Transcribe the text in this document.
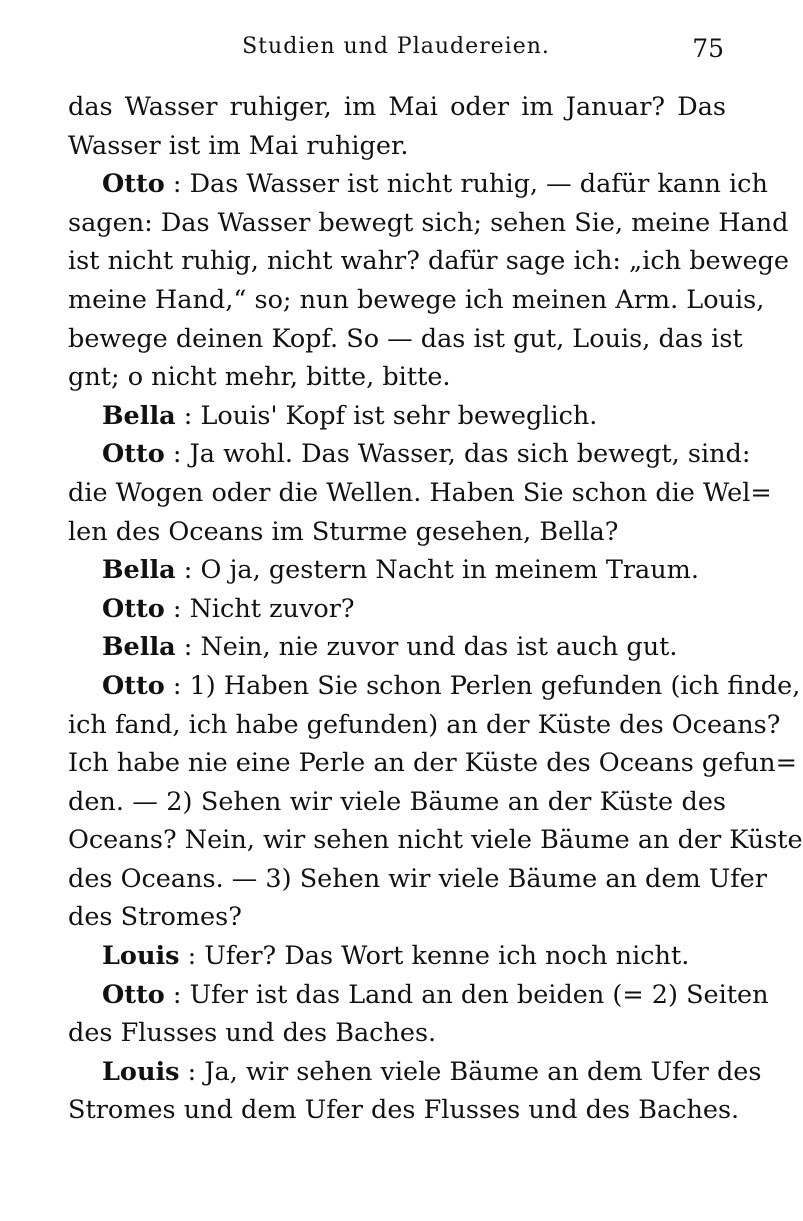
Studien und Plaudereien.	75
das Wasser ruhiger, im Mai oder im Januar? Das
Wasser ist im Mai ruhiger.
Otto : Das Wasser ist nicht ruhig, — dafür kann ich
sagen: Das Wasser bewegt sich; sehen Sie, meine Hand
ist nicht ruhig, nicht wahr? dafür sage ich: „ich bewege
meine Hand,“ so; nun bewege ich meinen Arm. Louis,
bewege deinen Kopf. So — das ist gut, Louis, das ist
gnt; o nicht mehr, bitte, bitte.
Bella : Louis' Kopf ist sehr beweglich.
Otto : Ja wohl. Das Wasser, das sich bewegt, sind:
die Wogen oder die Wellen. Haben Sie schon die Wel=
len des Oceans im Sturme gesehen, Bella?
Bella : O ja, gestern Nacht in meinem Traum.
Otto : Nicht zuvor?
Bella : Nein, nie zuvor und das ist auch gut.
Otto : 1) Haben Sie schon Perlen gefunden (ich finde,
ich fand, ich habe gefunden) an der Küste des Oceans?
Ich habe nie eine Perle an der Küste des Oceans gefun=
den. — 2) Sehen wir viele Bäume an der Küste des
Oceans? Nein, wir sehen nicht viele Bäume an der Küste
des Oceans. — 3) Sehen wir viele Bäume an dem Ufer
des Stromes?
Louis : Ufer? Das Wort kenne ich noch nicht.
Otto : Ufer ist das Land an den beiden (= 2) Seiten
des Flusses und des Baches.
Louis : Ja, wir sehen viele Bäume an dem Ufer des
Stromes und dem Ufer des Flusses und des Baches.
